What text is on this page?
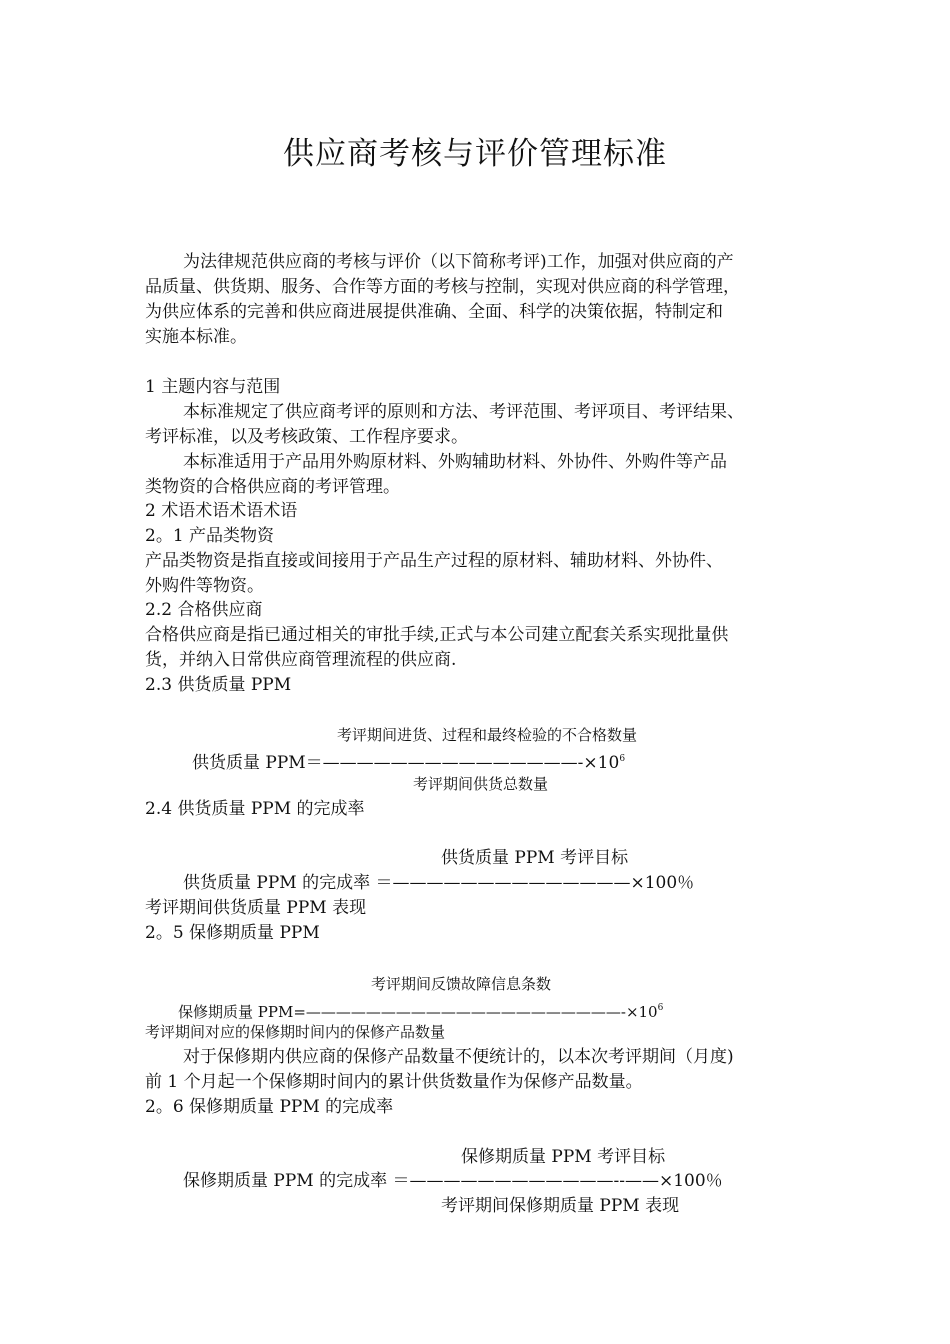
供应商考核与评价管理标准
为法律规范供应商的考核与评价（以下简称考评)工作，加强对供应商的产
品质量、供货期、服务、合作等方面的考核与控制，实现对供应商的科学管理，
为供应体系的完善和供应商进展提供准确、全面、科学的决策依据，特制定和
实施本标准。
1 主题内容与范围
本标准规定了供应商考评的原则和方法、考评范围、考评项目、考评结果、
考评标准，以及考核政策、工作程序要求。
本标准适用于产品用外购原材料、外购辅助材料、外协件、外购件等产品
类物资的合格供应商的考评管理。
2 术语术语术语术语
2。1 产品类物资
产品类物资是指直接或间接用于产品生产过程的原材料、辅助材料、外协件、
外购件等物资。
2.2 合格供应商
合格供应商是指已通过相关的审批手续,正式与本公司建立配套关系实现批量供
货，并纳入日常供应商管理流程的供应商.
2.3 供货质量 PPM
考评期间进货、过程和最终检验的不合格数量
供货质量 $PPM=———————————————-\times 10^6$
考评期间供货总数量
2.4 供货质量 PPM 的完成率
供货质量 PPM 考评目标
供货质量 PPM 的完成率 ＝——————————————×100％
考评期间供货质量 PPM 表现
2。5 保修期质量 PPM
考评期间反馈故障信息条数
保修期质量 $PPM=—————————————————————-\times 10^6$
考评期间对应的保修期时间内的保修产品数量
对于保修期内供应商的保修产品数量不便统计的，以本次考评期间（月度)
前 1 个月起一个保修期时间内的累计供货数量作为保修产品数量。
2。6 保修期质量 PPM 的完成率
保修期质量 PPM 考评目标
保修期质量 PPM 的完成率 ＝————————————--——×100％
考评期间保修期质量 PPM 表现
